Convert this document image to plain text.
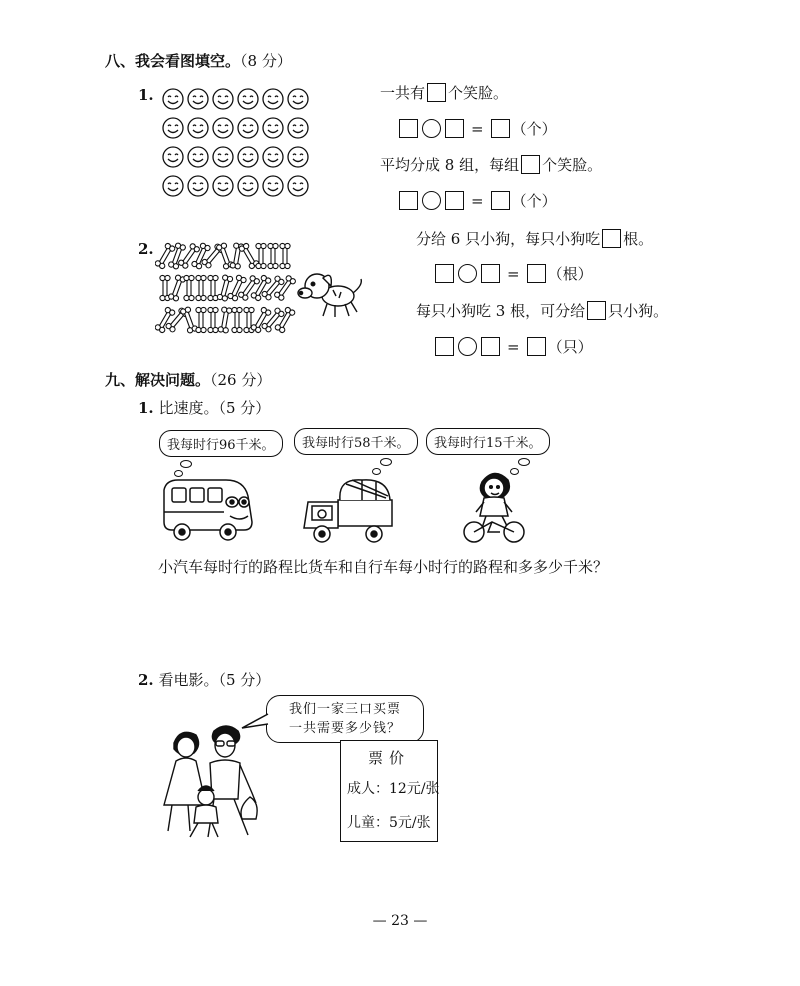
八、我会看图填空。（8 分）
1.	一共有 个笑脸。
= （个）
平均分成 8 组，每组 个笑脸。
= （个）
2.
分给 6 只小狗，每只小狗吃 根。
= （根）
每只小狗吃 3 根，可分给 只小狗。
= （只）
九、解决问题。（26 分）
1. 比速度。（5 分）
我每时行96千米。	我每时行58千米。	我每时行15千米。
小汽车每时行的路程比货车和自行车每小时行的路程和多多少千米？
2. 看电影。（5 分）
我们一家三口买票
一共需要多少钱？
票价
成人：12元/张
儿童：5元/张
— 23 —
